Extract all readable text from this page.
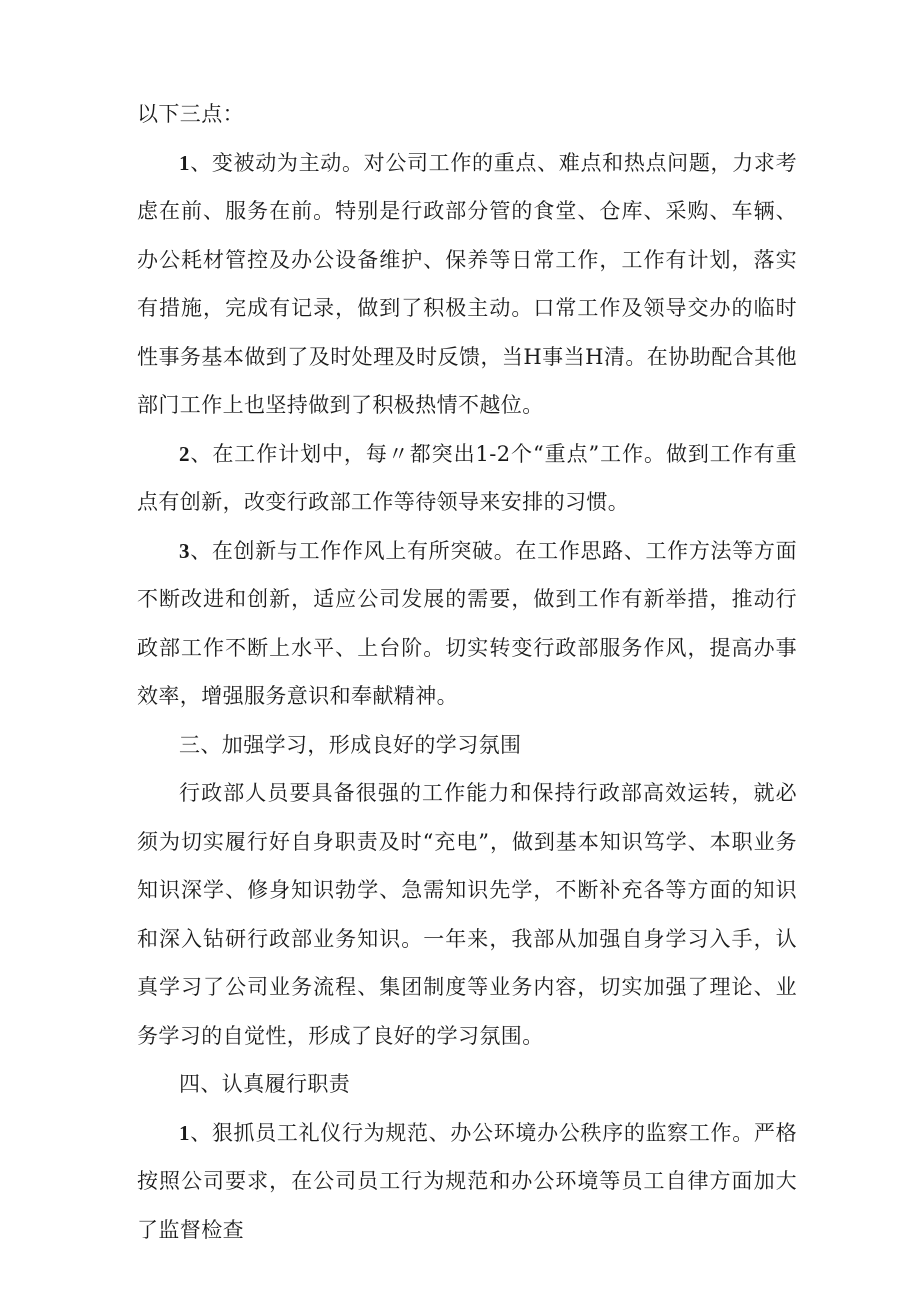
以下三点：

1、变被动为主动。对公司工作的重点、难点和热点问题，力求考虑在前、服务在前。特别是行政部分管的食堂、仓库、采购、车辆、办公耗材管控及办公设备维护、保养等日常工作，工作有计划，落实有措施，完成有记录，做到了积极主动。口常工作及领导交办的临时性事务基本做到了及时处理及时反馈，当H事当H清。在协助配合其他部门工作上也坚持做到了积极热情不越位。

2、在工作计划中，每〃都突出1-2个“重点”工作。做到工作有重点有创新，改变行政部工作等待领导来安排的习惯。

3、在创新与工作作风上有所突破。在工作思路、工作方法等方面不断改进和创新，适应公司发展的需要，做到工作有新举措，推动行政部工作不断上水平、上台阶。切实转变行政部服务作风，提高办事效率，增强服务意识和奉献精神。

三、加强学习，形成良好的学习氛围

行政部人员要具备很强的工作能力和保持行政部高效运转，就必须为切实履行好自身职责及时“充电”，做到基本知识笃学、本职业务知识深学、修身知识勃学、急需知识先学，不断补充各等方面的知识和深入钻研行政部业务知识。一年来，我部从加强自身学习入手，认真学习了公司业务流程、集团制度等业务内容，切实加强了理论、业务学习的自觉性，形成了良好的学习氛围。

四、认真履行职责

1、狠抓员工礼仪行为规范、办公环境办公秩序的监察工作。严格按照公司要求，在公司员工行为规范和办公环境等员工自律方面加大了监督检查
